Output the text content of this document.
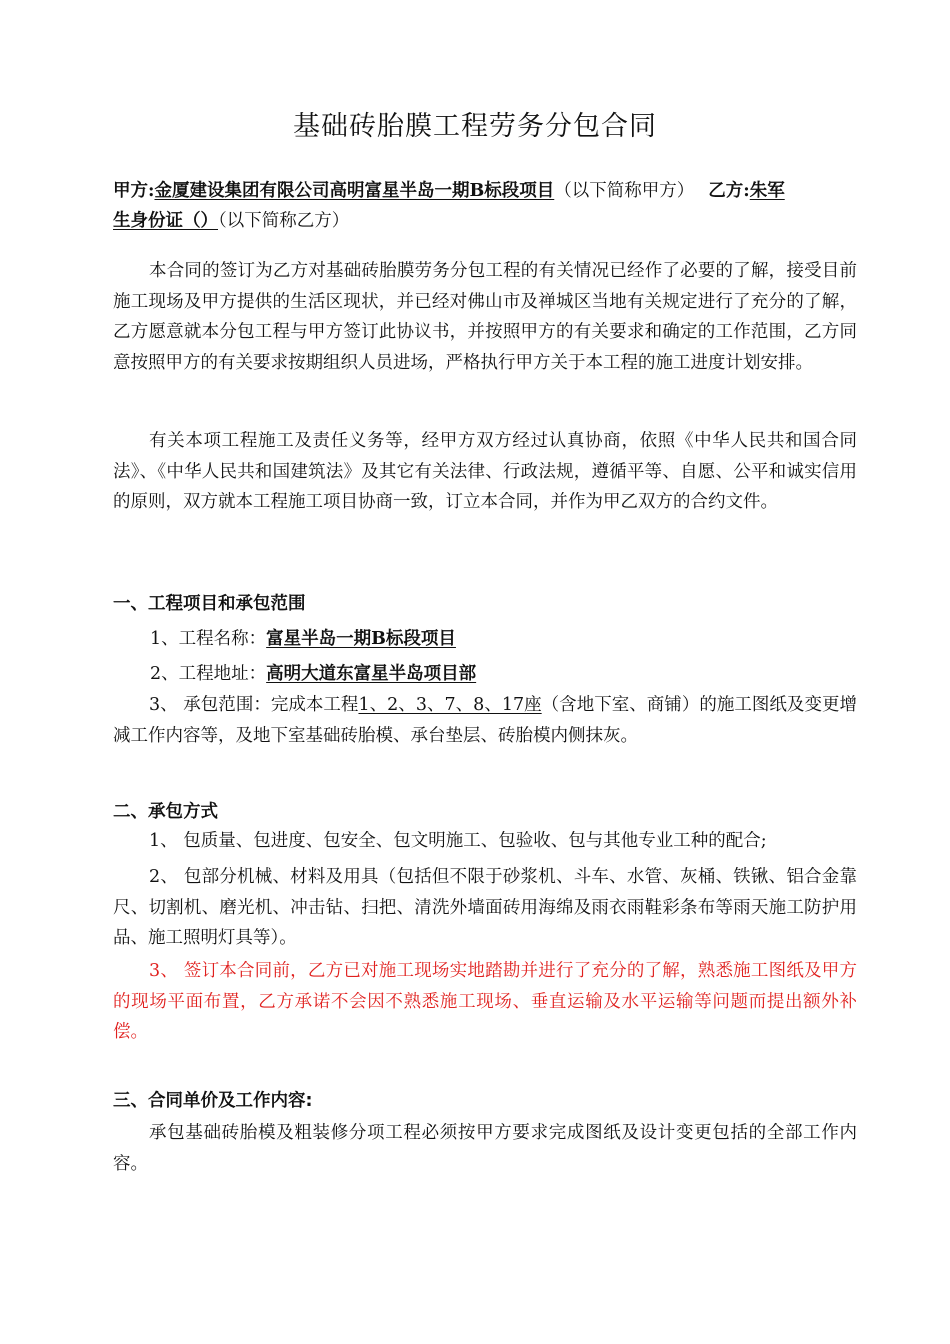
基础砖胎膜工程劳务分包合同
甲方:金厦建设集团有限公司高明富星半岛一期B标段项目（以下简称甲方） 乙方:朱军
生身份证（）（以下简称乙方）
本合同的签订为乙方对基础砖胎膜劳务分包工程的有关情况已经作了必要的了解，接受目前施工现场及甲方提供的生活区现状，并已经对佛山市及禅城区当地有关规定进行了充分的了解，乙方愿意就本分包工程与甲方签订此协议书，并按照甲方的有关要求和确定的工作范围，乙方同意按照甲方的有关要求按期组织人员进场，严格执行甲方关于本工程的施工进度计划安排。
有关本项工程施工及责任义务等，经甲方双方经过认真协商，依照《中华人民共和国合同法》、《中华人民共和国建筑法》及其它有关法律、行政法规，遵循平等、自愿、公平和诚实信用的原则，双方就本工程施工项目协商一致，订立本合同，并作为甲乙双方的合约文件。
一、工程项目和承包范围
1、工程名称：富星半岛一期B标段项目
2、工程地址：高明大道东富星半岛项目部
3、 承包范围：完成本工程1、2、3、7、8、17座（含地下室、商铺）的施工图纸及变更增减工作内容等，及地下室基础砖胎模、承台垫层、砖胎模内侧抹灰。
二、承包方式
1、 包质量、包进度、包安全、包文明施工、包验收、包与其他专业工种的配合;
2、 包部分机械、材料及用具（包括但不限于砂浆机、斗车、水管、灰桶、铁锹、铝合金靠尺、切割机、磨光机、冲击钻、扫把、清洗外墙面砖用海绵及雨衣雨鞋彩条布等雨天施工防护用品、施工照明灯具等）。
3、 签订本合同前，乙方已对施工现场实地踏勘并进行了充分的了解，熟悉施工图纸及甲方的现场平面布置，乙方承诺不会因不熟悉施工现场、垂直运输及水平运输等问题而提出额外补偿。
三、合同单价及工作内容:
承包基础砖胎模及粗装修分项工程必须按甲方要求完成图纸及设计变更包括的全部工作内容。
